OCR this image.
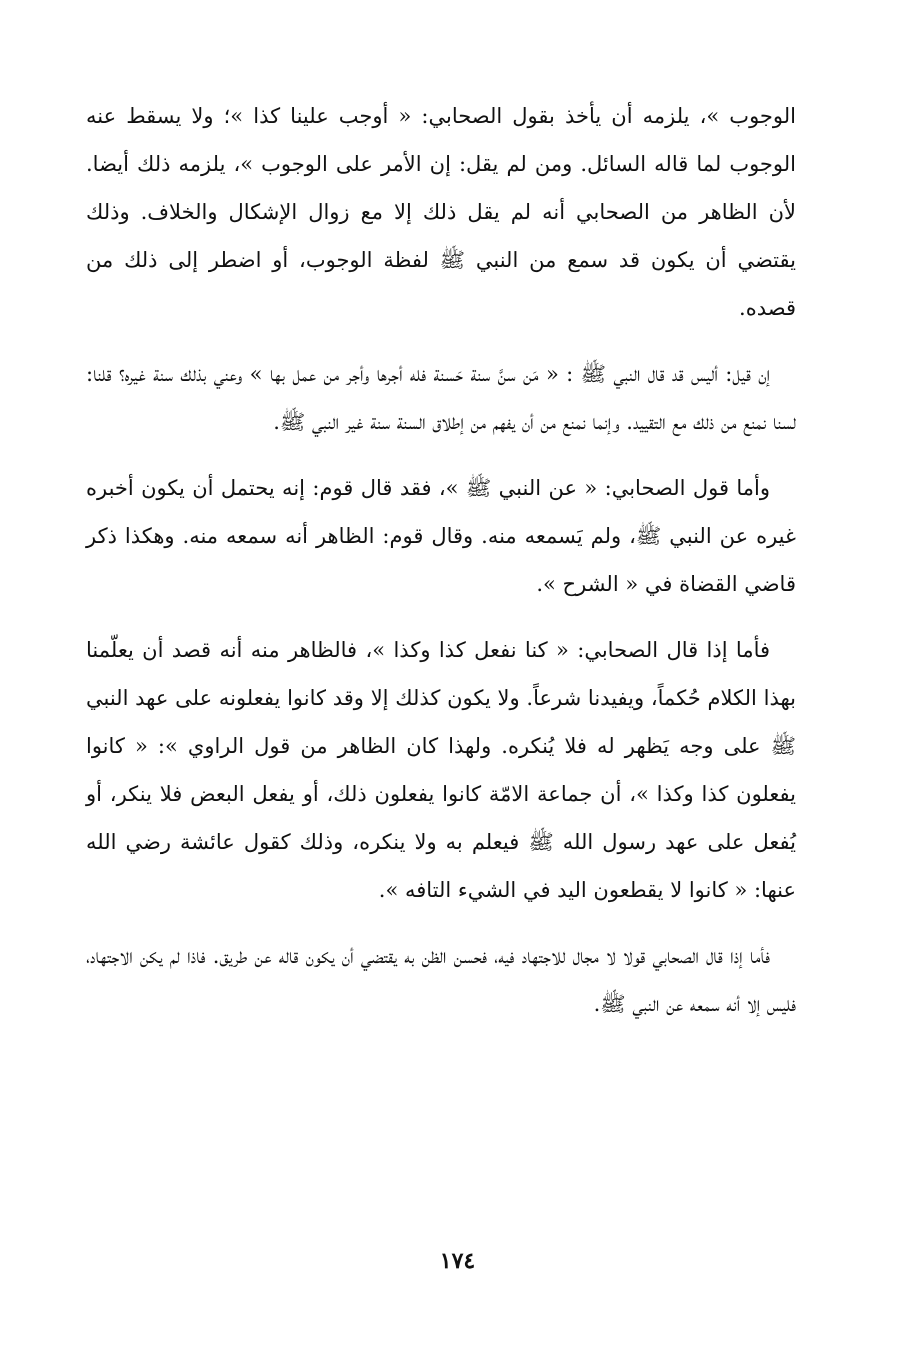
الوجوب »، يلزمه أن يأخذ بقول الصحابي: « أوجب علينا كذا »؛ ولا يسقط عنه الوجوب لما قاله السائل. ومن لم يقل: إن الأمر على الوجوب »، يلزمه ذلك أيضا. لأن الظاهر من الصحابي أنه لم يقل ذلك إلا مع زوال الإشكال والخلاف. وذلك يقتضي أن يكون قد سمع من النبي ﷺ لفظة الوجوب، أو اضطر إلى ذلك من قصده.

إن قيل: أليس قد قال النبي ﷺ : « مَن سنَّ سنة حَسنة فله أجرها وأجر من عمل بها » وعني بذلك سنة غيره؟ قلنا: لسنا نمنع من ذلك مع التقييد. وإنما نمنع من أن يفهم من إطلاق السنة سنة غير النبي ﷺ.

وأما قول الصحابي: « عن النبي ﷺ »، فقد قال قوم: إنه يحتمل أن يكون أخبره غيره عن النبي ﷺ، ولم يَسمعه منه. وقال قوم: الظاهر أنه سمعه منه. وهكذا ذكر قاضي القضاة في « الشرح ».

فأما إذا قال الصحابي: « كنا نفعل كذا وكذا »، فالظاهر منه أنه قصد أن يعلّمنا بهذا الكلام حُكماً، ويفيدنا شرعاً. ولا يكون كذلك إلا وقد كانوا يفعلونه على عهد النبي ﷺ على وجه يَظهر له فلا يُنكره. ولهذا كان الظاهر من قول الراوي »: « كانوا يفعلون كذا وكذا »، أن جماعة الامّة كانوا يفعلون ذلك، أو يفعل البعض فلا ينكر، أو يُفعل على عهد رسول الله ﷺ فيعلم به ولا ينكره، وذلك كقول عائشة رضي الله عنها: « كانوا لا يقطعون اليد في الشيء التافه ».

فأما إذا قال الصحابي قولا لا مجال للاجتهاد فيه، فحسن الظن به يقتضي أن يكون قاله عن طريق. فاذا لم يكن الاجتهاد، فليس إلا أنه سمعه عن النبي ﷺ.

١٧٤
